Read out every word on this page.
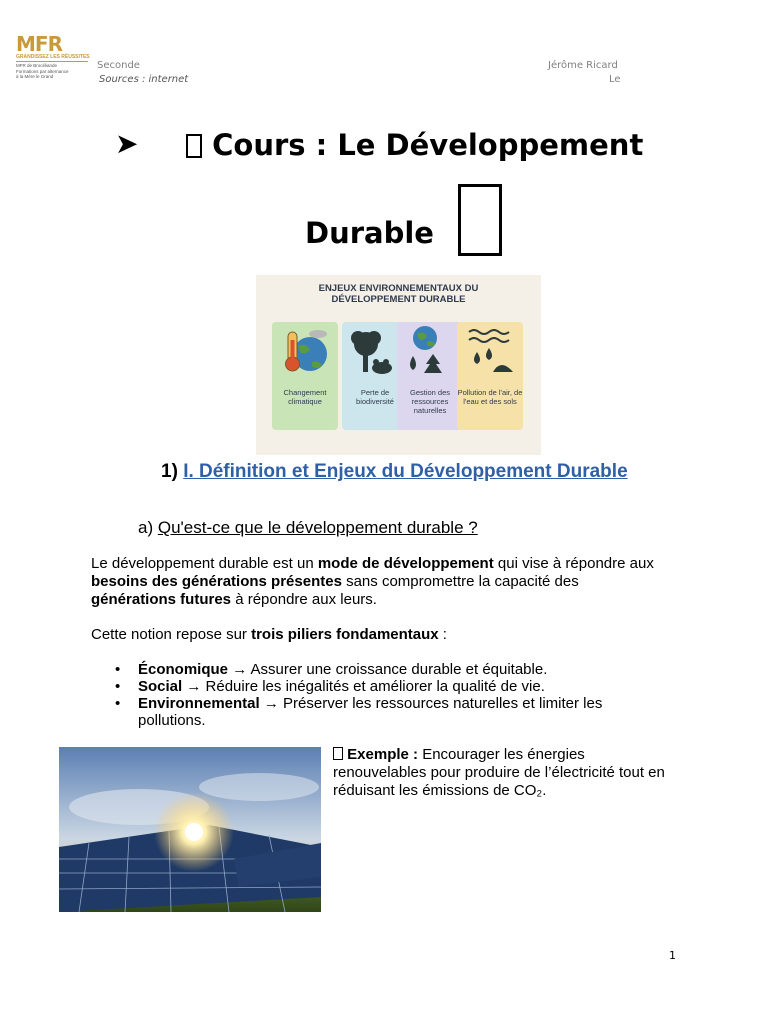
MFR
GRANDISSEZ LES RÉUSSITES
MFR de Brocéliande
Formations par alternance
à la Mère le Grand
Seconde
Sources : internet
Jérôme Ricard
Le
➤	Cours : Le Développement
Durable
ENJEUX ENVIRONNEMENTAUX DU
DÉVELOPPEMENT DURABLE
Changement climatique
Perte de biodiversité
Gestion des ressources naturelles
Pollution de l'air, de l'eau et des sols
1) I. Définition et Enjeux du Développement Durable
a) Qu'est-ce que le développement durable ?
Le développement durable est un mode de développement qui vise à répondre aux
besoins des générations présentes sans compromettre la capacité des
générations futures à répondre aux leurs.
Cette notion repose sur trois piliers fondamentaux :
• Économique → Assurer une croissance durable et équitable.
• Social → Réduire les inégalités et améliorer la qualité de vie.
• Environnemental → Préserver les ressources naturelles et limiter les
pollutions.
Exemple : Encourager les énergies
renouvelables pour produire de l’électricité tout en
réduisant les émissions de CO₂.
1
